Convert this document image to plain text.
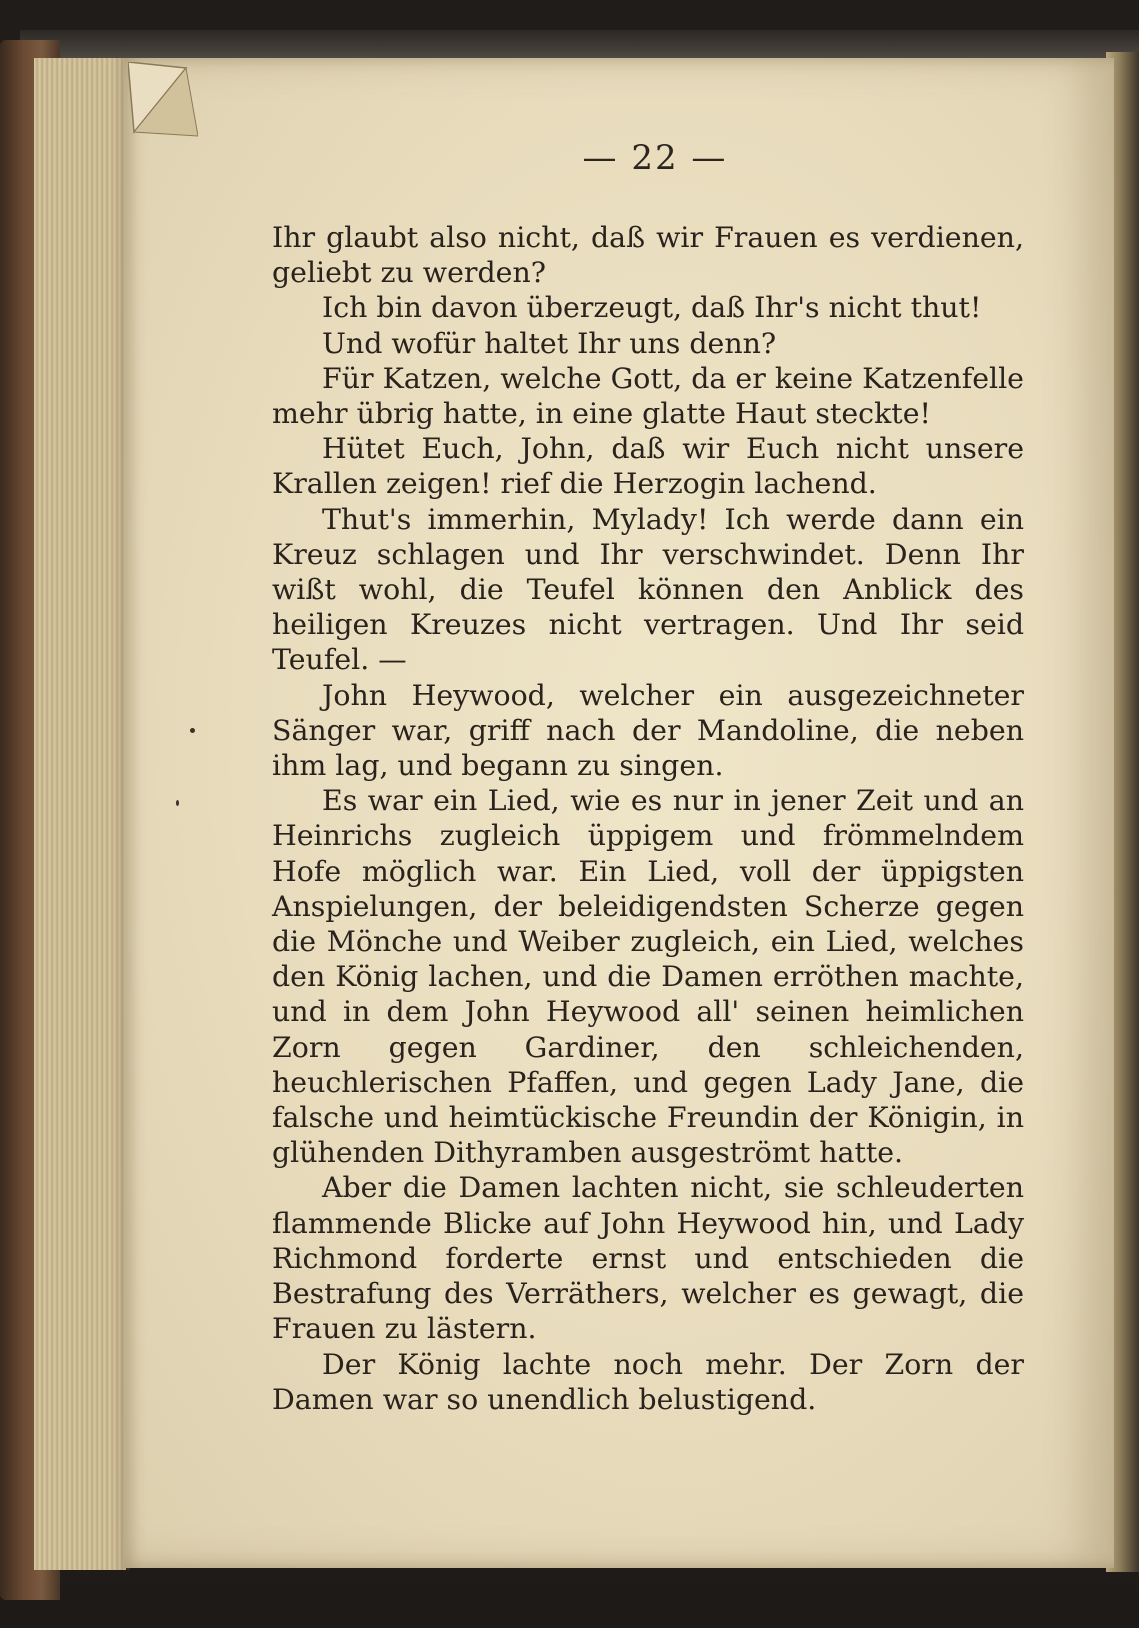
— 22 —

Ihr glaubt also nicht, daß wir Frauen es verdienen, geliebt zu werden?

Ich bin davon überzeugt, daß Ihr's nicht thut!

Und wofür haltet Ihr uns denn?

Für Katzen, welche Gott, da er keine Katzenfelle mehr übrig hatte, in eine glatte Haut steckte!

Hütet Euch, John, daß wir Euch nicht unsere Krallen zeigen! rief die Herzogin lachend.

Thut's immerhin, Mylady! Ich werde dann ein Kreuz schlagen und Ihr verschwindet. Denn Ihr wißt wohl, die Teufel können den Anblick des heiligen Kreuzes nicht vertragen. Und Ihr seid Teufel. —

John Heywood, welcher ein ausgezeichneter Sänger war, griff nach der Mandoline, die neben ihm lag, und begann zu singen.

Es war ein Lied, wie es nur in jener Zeit und an Heinrichs zugleich üppigem und frömmelndem Hofe möglich war. Ein Lied, voll der üppigsten Anspielungen, der beleidigendsten Scherze gegen die Mönche und Weiber zugleich, ein Lied, welches den König lachen, und die Damen erröthen machte, und in dem John Heywood all' seinen heimlichen Zorn gegen Gardiner, den schleichenden, heuchlerischen Pfaffen, und gegen Lady Jane, die falsche und heimtückische Freundin der Königin, in glühenden Dithyramben ausgeströmt hatte.

Aber die Damen lachten nicht, sie schleuderten flammende Blicke auf John Heywood hin, und Lady Richmond forderte ernst und entschieden die Bestrafung des Verräthers, welcher es gewagt, die Frauen zu lästern.

Der König lachte noch mehr. Der Zorn der Damen war so unendlich belustigend.
